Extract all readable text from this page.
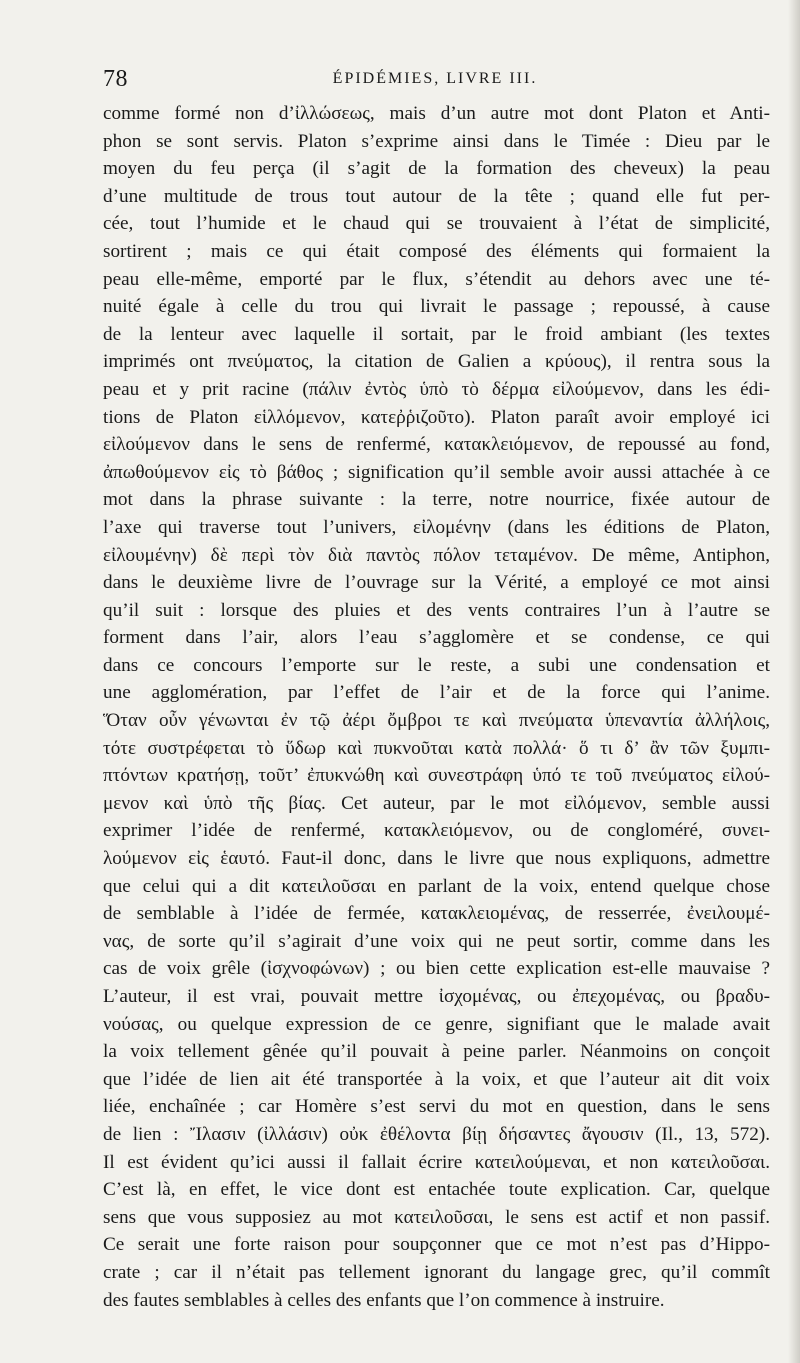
78	ÉPIDÉMIES, LIVRE III.
comme formé non d’ἰλλώσεως, mais d’un autre mot dont Platon et Anti-
phon se sont servis. Platon s’exprime ainsi dans le Timée : Dieu par le
moyen du feu perça (il s’agit de la formation des cheveux) la peau
d’une multitude de trous tout autour de la tête ; quand elle fut per-
cée, tout l’humide et le chaud qui se trouvaient à l’état de simplicité,
sortirent ; mais ce qui était composé des éléments qui formaient la
peau elle-même, emporté par le flux, s’étendit au dehors avec une té-
nuité égale à celle du trou qui livrait le passage ; repoussé, à cause
de la lenteur avec laquelle il sortait, par le froid ambiant (les textes
imprimés ont πνεύματος, la citation de Galien a κρύους), il rentra sous la
peau et y prit racine (πάλιν ἐντὸς ὑπὸ τὸ δέρμα εἰλούμενον, dans les édi-
tions de Platon εἱλλόμενον, κατεῤῥιζοῦτο). Platon paraît avoir employé ici
εἰλούμενον dans le sens de renfermé, κατακλειόμενον, de repoussé au fond,
ἀπωθούμενον εἰς τὸ βάθος ; signification qu’il semble avoir aussi attachée à ce
mot dans la phrase suivante : la terre, notre nourrice, fixée autour de
l’axe qui traverse tout l’univers, εἰλομένην (dans les éditions de Platon,
εἰλουμένην) δὲ περὶ τὸν διὰ παντὸς πόλον τεταμένον. De même, Antiphon,
dans le deuxième livre de l’ouvrage sur la Vérité, a employé ce mot ainsi
qu’il suit : lorsque des pluies et des vents contraires l’un à l’autre se
forment dans l’air, alors l’eau s’agglomère et se condense, ce qui
dans ce concours l’emporte sur le reste, a subi une condensation et
une agglomération, par l’effet de l’air et de la force qui l’anime.
Ὅταν οὖν γένωνται ἐν τῷ ἀέρι ὄμβροι τε καὶ πνεύματα ὑπεναντία ἀλλήλοις,
τότε συστρέφεται τὸ ὕδωρ καὶ πυκνοῦται κατὰ πολλά· ὅ τι δ’ ἂν τῶν ξυμπι-
πτόντων κρατήσῃ, τοῦτ’ ἐπυκνώθη καὶ συνεστράφη ὑπό τε τοῦ πνεύματος εἰλού-
μενον καὶ ὑπὸ τῆς βίας. Cet auteur, par le mot εἰλόμενον, semble aussi
exprimer l’idée de renfermé, κατακλειόμενον, ou de congloméré, συνει-
λούμενον εἰς ἑαυτό. Faut-il donc, dans le livre que nous expliquons, admettre
que celui qui a dit κατειλοῦσαι en parlant de la voix, entend quelque chose
de semblable à l’idée de fermée, κατακλειομένας, de resserrée, ἐνειλουμέ-
νας, de sorte qu’il s’agirait d’une voix qui ne peut sortir, comme dans les
cas de voix grêle (ἰσχνοφώνων) ; ou bien cette explication est-elle mauvaise ?
L’auteur, il est vrai, pouvait mettre ἰσχομένας, ou ἐπεχομένας, ou βραδυ-
νούσας, ou quelque expression de ce genre, signifiant que le malade avait
la voix tellement gênée qu’il pouvait à peine parler. Néanmoins on conçoit
que l’idée de lien ait été transportée à la voix, et que l’auteur ait dit voix
liée, enchaînée ; car Homère s’est servi du mot en question, dans le sens
de lien : Ἴλασιν (ἰλλάσιν) οὐκ ἐθέλοντα βίῃ δήσαντες ἄγουσιν (Il., 13, 572).
Il est évident qu’ici aussi il fallait écrire κατειλούμεναι, et non κατειλοῦσαι.
C’est là, en effet, le vice dont est entachée toute explication. Car, quelque
sens que vous supposiez au mot κατειλοῦσαι, le sens est actif et non passif.
Ce serait une forte raison pour soupçonner que ce mot n’est pas d’Hippo-
crate ; car il n’était pas tellement ignorant du langage grec, qu’il commît
des fautes semblables à celles des enfants que l’on commence à instruire.
